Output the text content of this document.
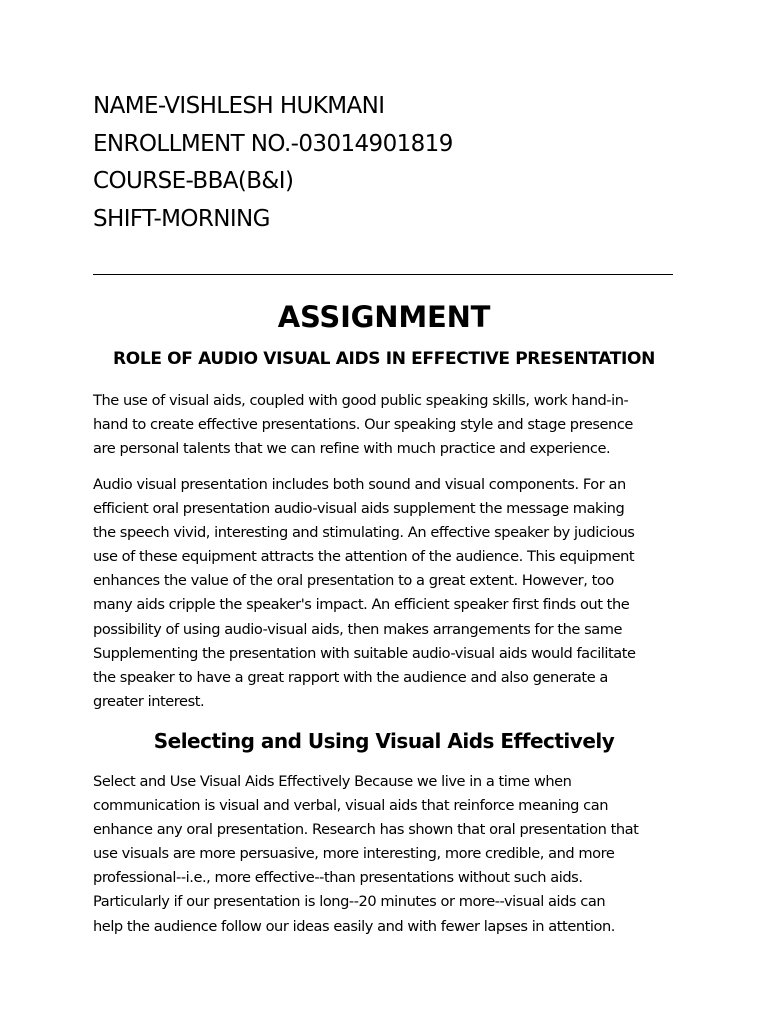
NAME-VISHLESH HUKMANI
ENROLLMENT NO.-03014901819
COURSE-BBA(B&I)
SHIFT-MORNING
ASSIGNMENT
ROLE OF AUDIO VISUAL AIDS IN EFFECTIVE PRESENTATION
The use of visual aids, coupled with good public speaking skills, work hand-in-
hand to create effective presentations. Our speaking style and stage presence
are personal talents that we can refine with much practice and experience.
Audio visual presentation includes both sound and visual components. For an
efficient oral presentation audio-visual aids supplement the message making
the speech vivid, interesting and stimulating. An effective speaker by judicious
use of these equipment attracts the attention of the audience. This equipment
enhances the value of the oral presentation to a great extent. However, too
many aids cripple the speaker's impact. An efficient speaker first finds out the
possibility of using audio-visual aids, then makes arrangements for the same
Supplementing the presentation with suitable audio-visual aids would facilitate
the speaker to have a great rapport with the audience and also generate a
greater interest.
Selecting and Using Visual Aids Effectively
Select and Use Visual Aids Effectively Because we live in a time when
communication is visual and verbal, visual aids that reinforce meaning can
enhance any oral presentation. Research has shown that oral presentation that
use visuals are more persuasive, more interesting, more credible, and more
professional--i.e., more effective--than presentations without such aids.
Particularly if our presentation is long--20 minutes or more--visual aids can
help the audience follow our ideas easily and with fewer lapses in attention.
